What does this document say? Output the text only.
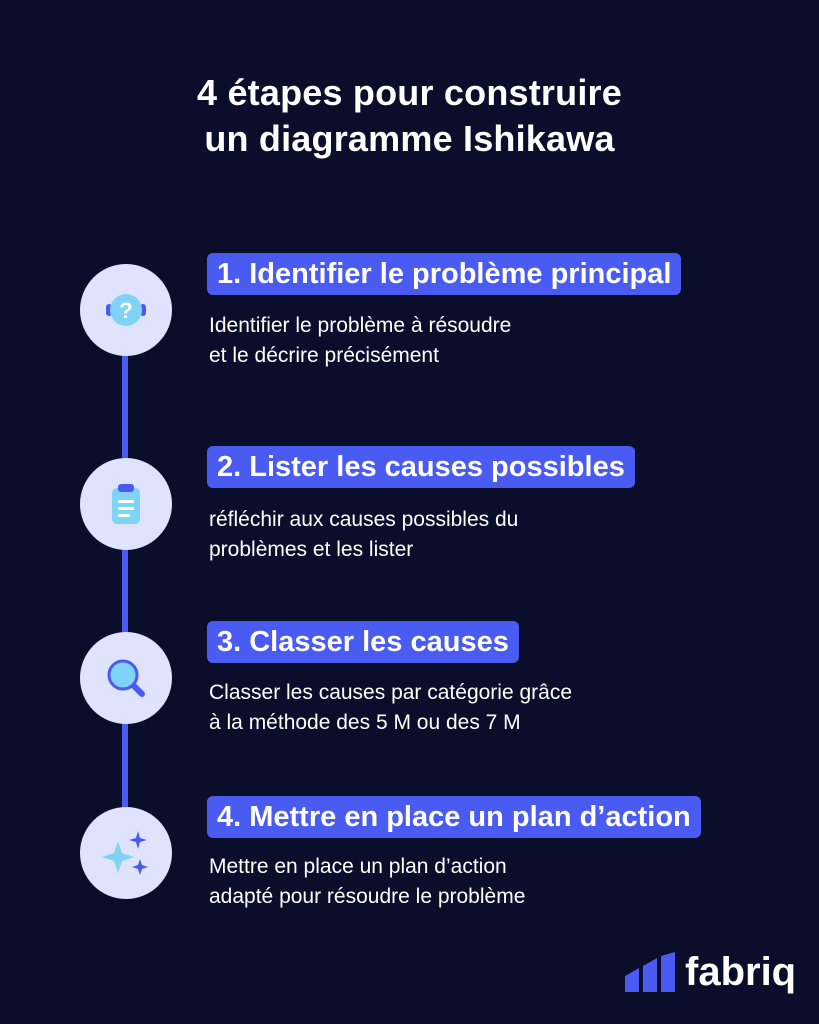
4 étapes pour construire
un diagramme Ishikawa
?
1. Identifier le problème principal
Identifier le problème à résoudre
et le décrire précisément
2. Lister les causes possibles
réfléchir aux causes possibles du
problèmes et les lister
3. Classer les causes
Classer les causes par catégorie grâce
à la méthode des 5 M ou des 7 M
4. Mettre en place un plan d’action
Mettre en place un plan d’action
adapté pour résoudre le problème
fabriq
